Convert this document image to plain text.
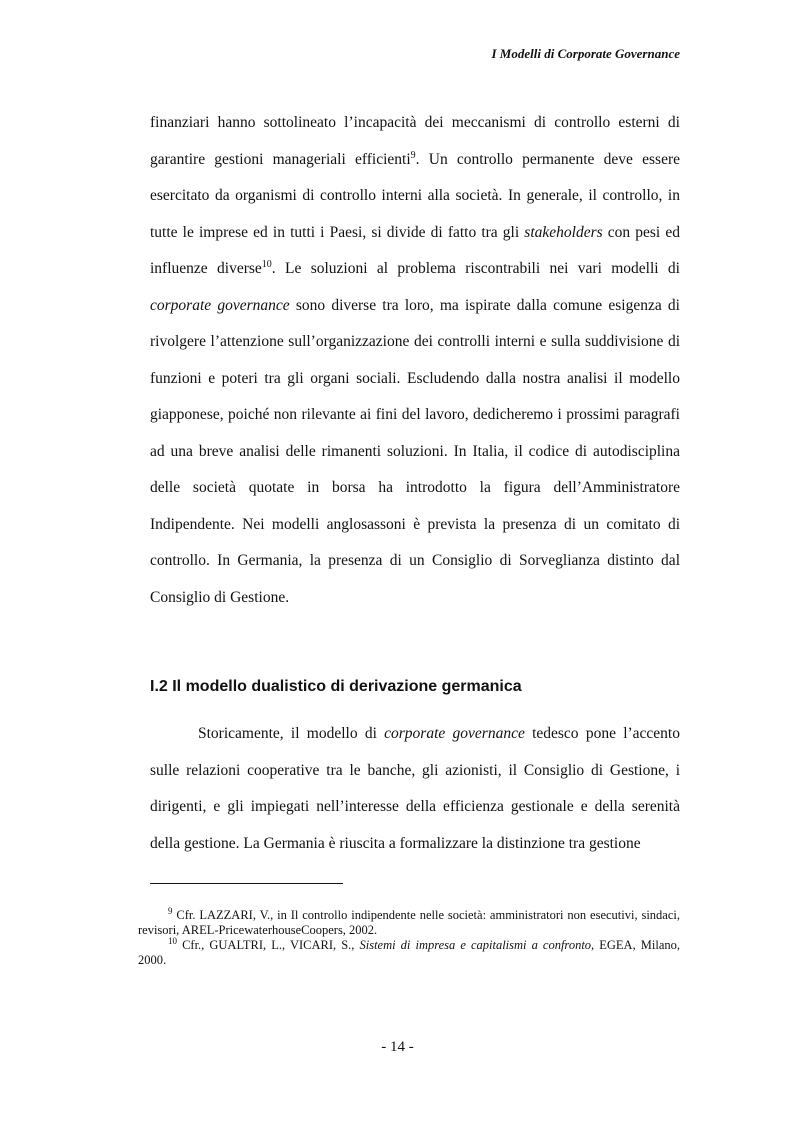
I Modelli di Corporate Governance

finanziari hanno sottolineato l’incapacità dei meccanismi di controllo esterni di garantire gestioni manageriali efficienti$^9$. Un controllo permanente deve essere esercitato da organismi di controllo interni alla società. In generale, il controllo, in tutte le imprese ed in tutti i Paesi, si divide di fatto tra gli stakeholders con pesi ed influenze diverse$^{10}$. Le soluzioni al problema riscontrabili nei vari modelli di corporate governance sono diverse tra loro, ma ispirate dalla comune esigenza di rivolgere l’attenzione sull’organizzazione dei controlli interni e sulla suddivisione di funzioni e poteri tra gli organi sociali. Escludendo dalla nostra analisi il modello giapponese, poiché non rilevante ai fini del lavoro, dedicheremo i prossimi paragrafi ad una breve analisi delle rimanenti soluzioni. In Italia, il codice di autodisciplina delle società quotate in borsa ha introdotto la figura dell’Amministratore Indipendente. Nei modelli anglosassoni è prevista la presenza di un comitato di controllo. In Germania, la presenza di un Consiglio di Sorveglianza distinto dal Consiglio di Gestione.

I.2 Il modello dualistico di derivazione germanica

Storicamente, il modello di corporate governance tedesco pone l’accento sulle relazioni cooperative tra le banche, gli azionisti, il Consiglio di Gestione, i dirigenti, e gli impiegati nell’interesse della efficienza gestionale e della serenità della gestione. La Germania è riuscita a formalizzare la distinzione tra gestione

$^9$ Cfr. LAZZARI, V., in Il controllo indipendente nelle società: amministratori non esecutivi, sindaci, revisori, AREL-PricewaterhouseCoopers, 2002.

$^{10}$ Cfr., GUALTRI, L., VICARI, S., Sistemi di impresa e capitalismi a confronto, EGEA, Milano, 2000.

- 14 -
